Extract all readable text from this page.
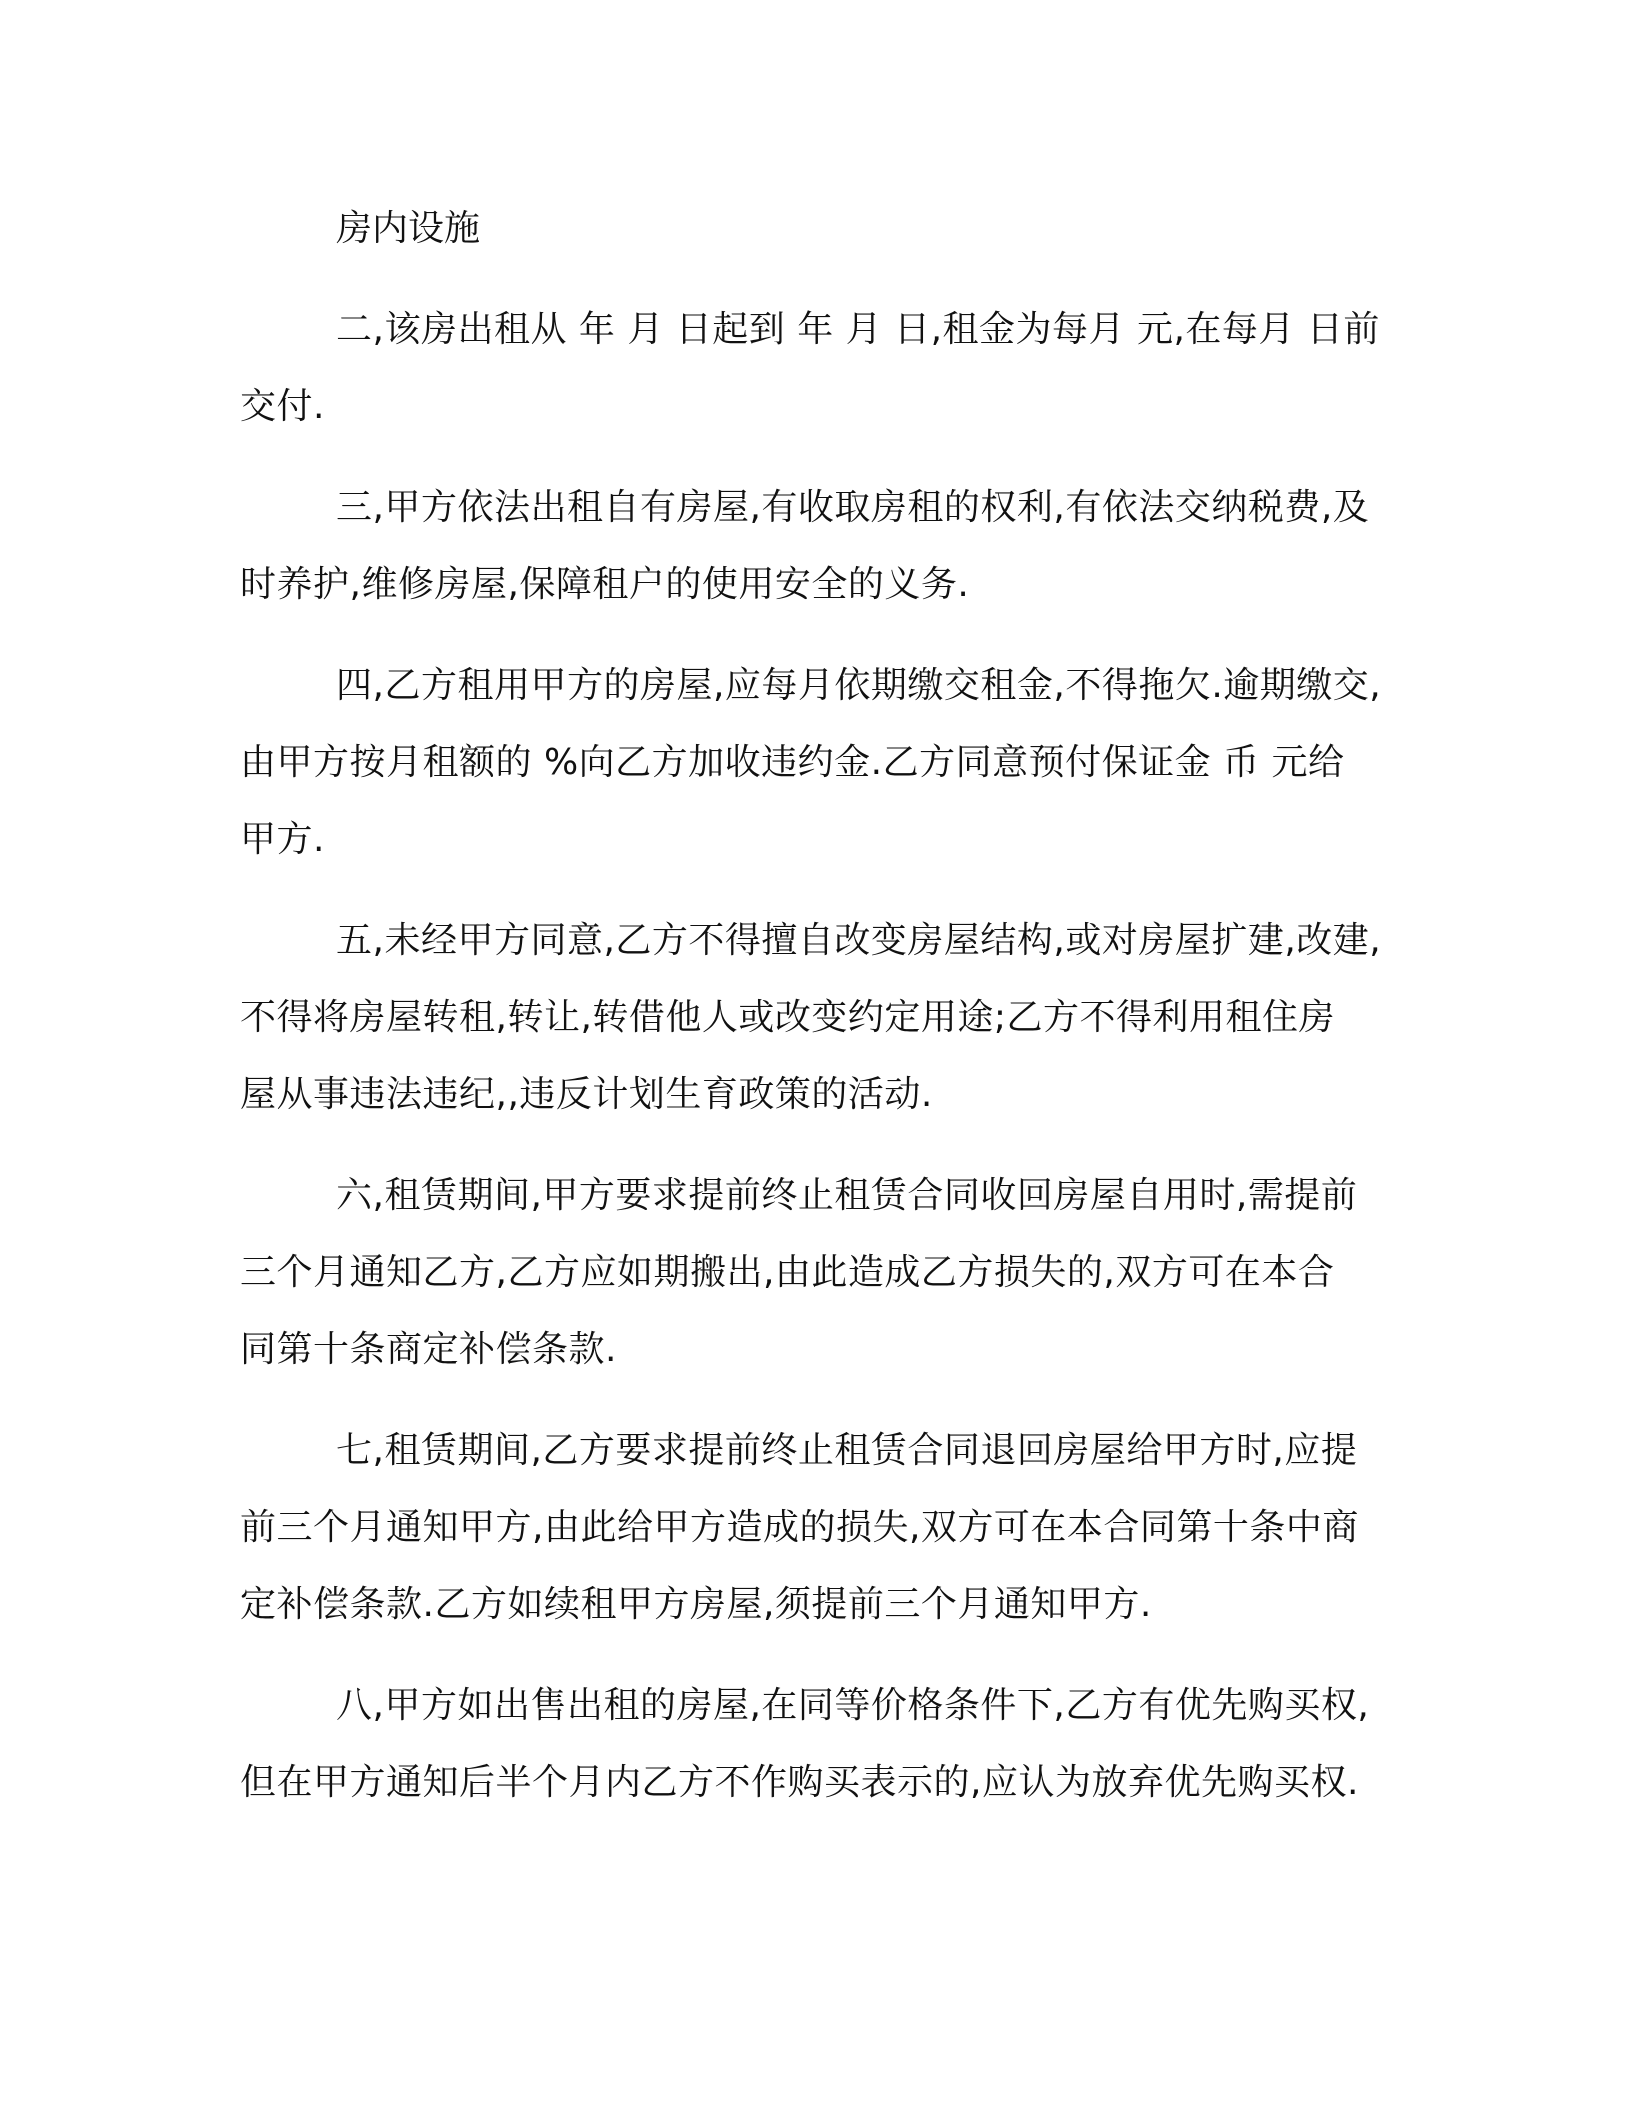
房内设施
二,该房出租从 年 月 日起到 年 月 日,租金为每月 元,在每月 日前
交付.
三,甲方依法出租自有房屋,有收取房租的权利,有依法交纳税费,及
时养护,维修房屋,保障租户的使用安全的义务.
四,乙方租用甲方的房屋,应每月依期缴交租金,不得拖欠.逾期缴交,
由甲方按月租额的 %向乙方加收违约金.乙方同意预付保证金 币 元给
甲方.
五,未经甲方同意,乙方不得擅自改变房屋结构,或对房屋扩建,改建,
不得将房屋转租,转让,转借他人或改变约定用途;乙方不得利用租住房
屋从事违法违纪,,违反计划生育政策的活动.
六,租赁期间,甲方要求提前终止租赁合同收回房屋自用时,需提前
三个月通知乙方,乙方应如期搬出,由此造成乙方损失的,双方可在本合
同第十条商定补偿条款.
七,租赁期间,乙方要求提前终止租赁合同退回房屋给甲方时,应提
前三个月通知甲方,由此给甲方造成的损失,双方可在本合同第十条中商
定补偿条款.乙方如续租甲方房屋,须提前三个月通知甲方.
八,甲方如出售出租的房屋,在同等价格条件下,乙方有优先购买权,
但在甲方通知后半个月内乙方不作购买表示的,应认为放弃优先购买权.
